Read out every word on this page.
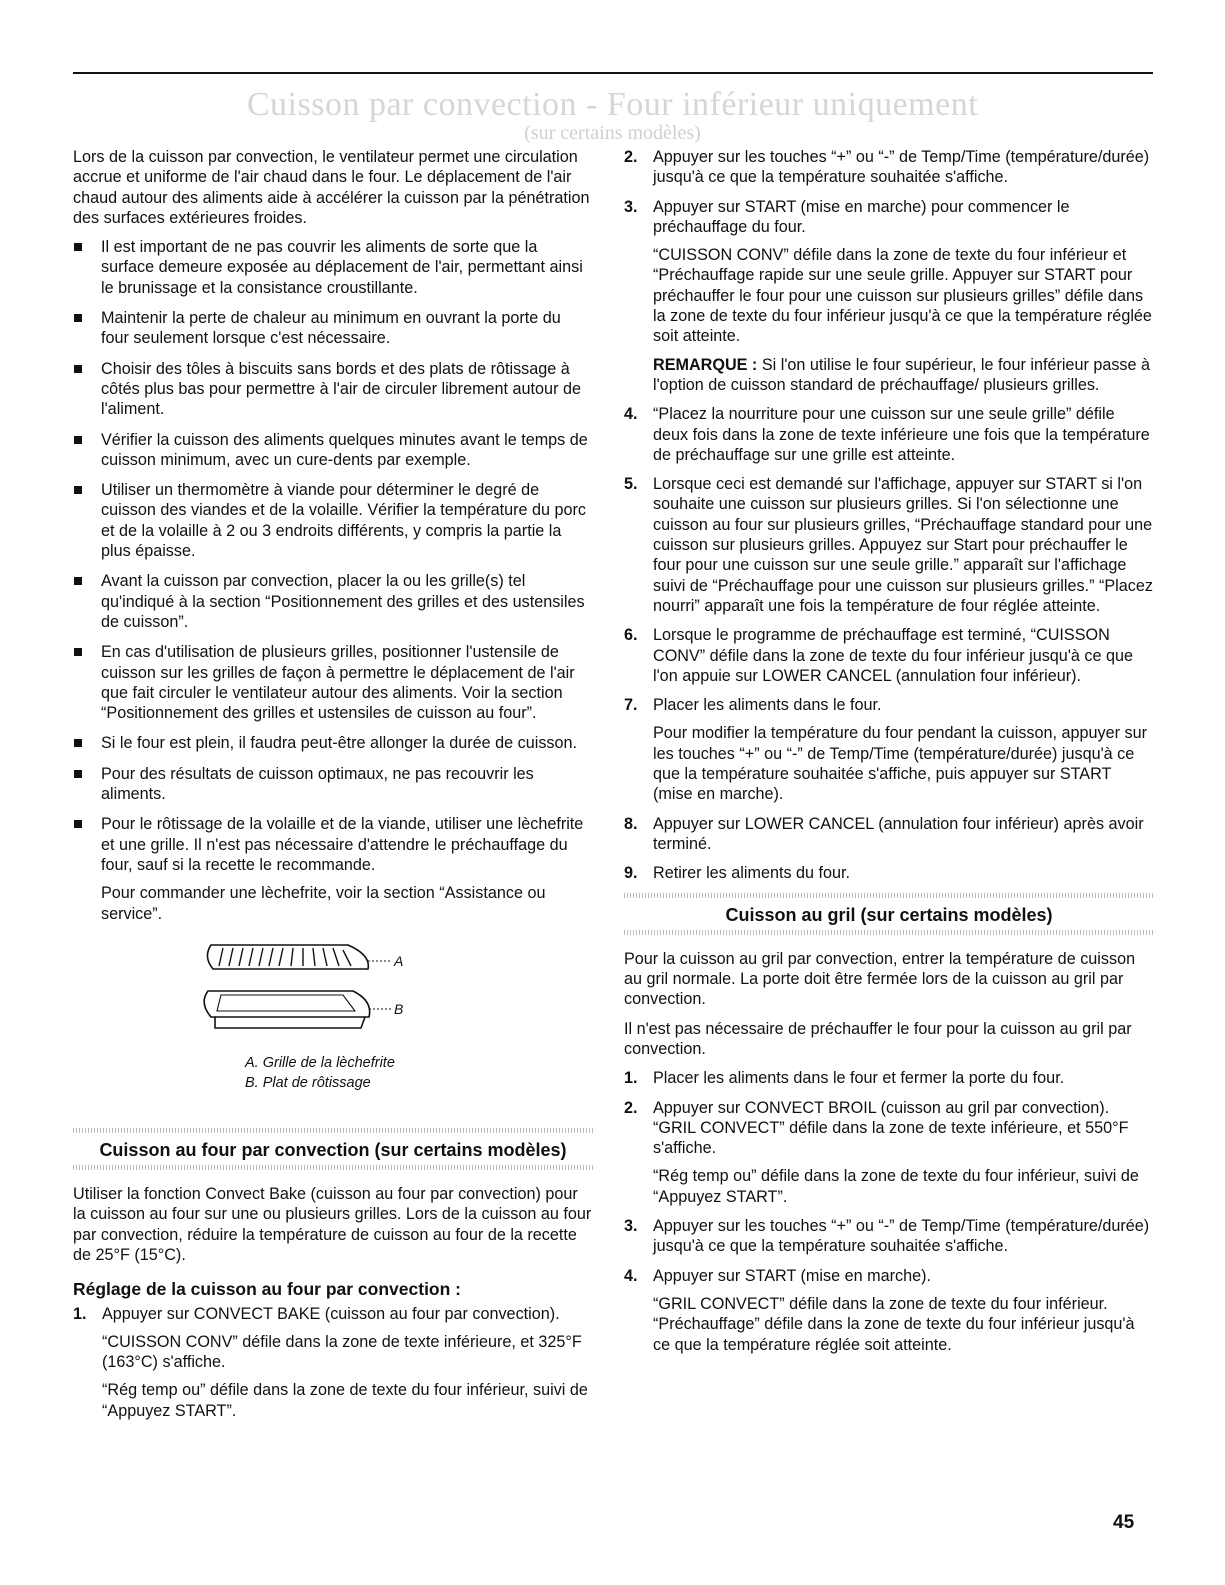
Cuisson par convection - Four inférieur uniquement
(sur certains modèles)

Lors de la cuisson par convection, le ventilateur permet une circulation accrue et uniforme de l'air chaud dans le four. Le déplacement de l'air chaud autour des aliments aide à accélérer la cuisson par la pénétration des surfaces extérieures froides.

Il est important de ne pas couvrir les aliments de sorte que la surface demeure exposée au déplacement de l'air, permettant ainsi le brunissage et la consistance croustillante.
Maintenir la perte de chaleur au minimum en ouvrant la porte du four seulement lorsque c'est nécessaire.
Choisir des tôles à biscuits sans bords et des plats de rôtissage à côtés plus bas pour permettre à l'air de circuler librement autour de l'aliment.
Vérifier la cuisson des aliments quelques minutes avant le temps de cuisson minimum, avec un cure-dents par exemple.
Utiliser un thermomètre à viande pour déterminer le degré de cuisson des viandes et de la volaille. Vérifier la température du porc et de la volaille à 2 ou 3 endroits différents, y compris la partie la plus épaisse.
Avant la cuisson par convection, placer la ou les grille(s) tel qu'indiqué à la section “Positionnement des grilles et des ustensiles de cuisson”.
En cas d'utilisation de plusieurs grilles, positionner l'ustensile de cuisson sur les grilles de façon à permettre le déplacement de l'air que fait circuler le ventilateur autour des aliments. Voir la section “Positionnement des grilles et ustensiles de cuisson au four”.
Si le four est plein, il faudra peut-être allonger la durée de cuisson.
Pour des résultats de cuisson optimaux, ne pas recouvrir les aliments.
Pour le rôtissage de la volaille et de la viande, utiliser une lèchefrite et une grille. Il n'est pas nécessaire d'attendre le préchauffage du four, sauf si la recette le recommande.

Pour commander une lèchefrite, voir la section “Assistance ou service”.

A
B
A. Grille de la lèchefrite
B. Plat de rôtissage
Cuisson au four par convection (sur certains modèles)

Utiliser la fonction Convect Bake (cuisson au four par convection) pour la cuisson au four sur une ou plusieurs grilles. Lors de la cuisson au four par convection, réduire la température de cuisson au four de la recette de 25°F (15°C).

Réglage de la cuisson au four par convection :
1. Appuyer sur CONVECT BAKE (cuisson au four par convection).

“CUISSON CONV” défile dans la zone de texte inférieure, et 325°F (163°C) s'affiche.

“Rég temp ou” défile dans la zone de texte du four inférieur, suivi de “Appuyez START”.

2. Appuyer sur les touches “+” ou “-” de Temp/Time (température/durée) jusqu'à ce que la température souhaitée s'affiche.

3. Appuyer sur START (mise en marche) pour commencer le préchauffage du four.

“CUISSON CONV” défile dans la zone de texte du four inférieur et “Préchauffage rapide sur une seule grille. Appuyer sur START pour préchauffer le four pour une cuisson sur plusieurs grilles” défile dans la zone de texte du four inférieur jusqu'à ce que la température réglée soit atteinte.

REMARQUE : Si l'on utilise le four supérieur, le four inférieur passe à l'option de cuisson standard de préchauffage/ plusieurs grilles.

4. “Placez la nourriture pour une cuisson sur une seule grille” défile deux fois dans la zone de texte inférieure une fois que la température de préchauffage sur une grille est atteinte.

5. Lorsque ceci est demandé sur l'affichage, appuyer sur START si l'on souhaite une cuisson sur plusieurs grilles. Si l'on sélectionne une cuisson au four sur plusieurs grilles, “Préchauffage standard pour une cuisson sur plusieurs grilles. Appuyez sur Start pour préchauffer le four pour une cuisson sur une seule grille.” apparaît sur l'affichage suivi de “Préchauffage pour une cuisson sur plusieurs grilles.” “Placez nourri” apparaît une fois la température de four réglée atteinte.

6. Lorsque le programme de préchauffage est terminé, “CUISSON CONV” défile dans la zone de texte du four inférieur jusqu'à ce que l'on appuie sur LOWER CANCEL (annulation four inférieur).

7. Placer les aliments dans le four.

Pour modifier la température du four pendant la cuisson, appuyer sur les touches “+” ou “-” de Temp/Time (température/durée) jusqu'à ce que la température souhaitée s'affiche, puis appuyer sur START (mise en marche).

8. Appuyer sur LOWER CANCEL (annulation four inférieur) après avoir terminé.

9. Retirer les aliments du four.

Cuisson au gril (sur certains modèles)

Pour la cuisson au gril par convection, entrer la température de cuisson au gril normale. La porte doit être fermée lors de la cuisson au gril par convection.

Il n'est pas nécessaire de préchauffer le four pour la cuisson au gril par convection.

1. Placer les aliments dans le four et fermer la porte du four.

2. Appuyer sur CONVECT BROIL (cuisson au gril par convection).

“GRIL CONVECT” défile dans la zone de texte inférieure, et 550°F s'affiche.

“Rég temp ou” défile dans la zone de texte du four inférieur, suivi de “Appuyez START”.

3. Appuyer sur les touches “+” ou “-” de Temp/Time (température/durée) jusqu'à ce que la température souhaitée s'affiche.

4. Appuyer sur START (mise en marche).

“GRIL CONVECT” défile dans la zone de texte du four inférieur. “Préchauffage” défile dans la zone de texte du four inférieur jusqu'à ce que la température réglée soit atteinte.

45
